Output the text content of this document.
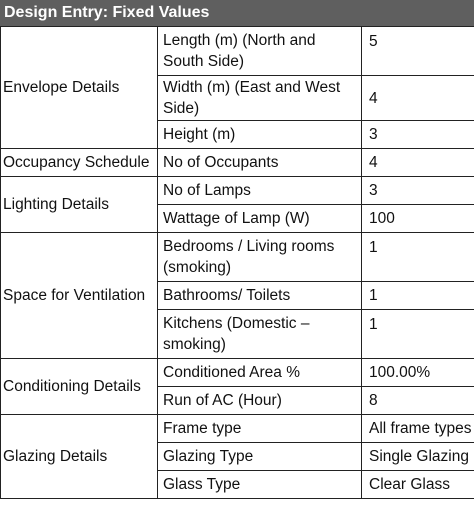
Design Entry: Fixed Values
Envelope Details	Length (m) (North and South Side)	5
	Width (m) (East and West Side)	4
	Height (m)	3
Occupancy Schedule	No of Occupants	4
Lighting Details	No of Lamps	3
	Wattage of Lamp (W)	100
Space for Ventilation	Bedrooms / Living rooms (smoking)	1
	Bathrooms/ Toilets	1
	Kitchens (Domestic – smoking)	1
Conditioning Details	Conditioned Area %	100.00%
	Run of AC (Hour)	8
Glazing Details	Frame type	All frame types
	Glazing Type	Single Glazing
	Glass Type	Clear Glass
